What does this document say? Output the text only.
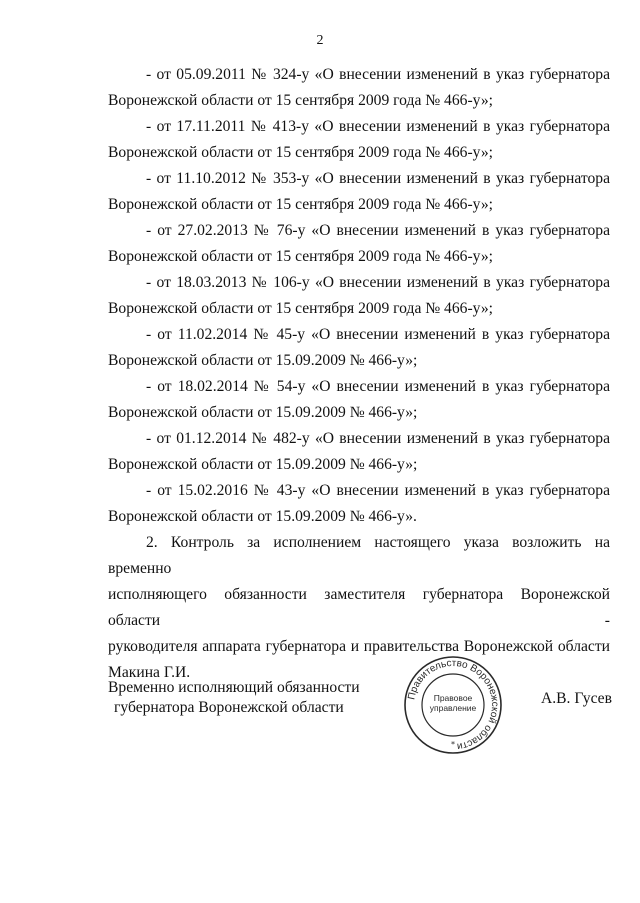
2
- от 05.09.2011 № 324-у «О внесении изменений в указ губернатора
Воронежской области от 15 сентября 2009 года № 466-у»;
- от 17.11.2011 № 413-у «О внесении изменений в указ губернатора
Воронежской области от 15 сентября 2009 года № 466-у»;
- от 11.10.2012 № 353-у «О внесении изменений в указ губернатора
Воронежской области от 15 сентября 2009 года № 466-у»;
- от 27.02.2013 № 76-у «О внесении изменений в указ губернатора
Воронежской области от 15 сентября 2009 года № 466-у»;
- от 18.03.2013 № 106-у «О внесении изменений в указ губернатора
Воронежской области от 15 сентября 2009 года № 466-у»;
- от 11.02.2014 № 45-у «О внесении изменений в указ губернатора
Воронежской области от 15.09.2009 № 466-у»;
- от 18.02.2014 № 54-у «О внесении изменений в указ губернатора
Воронежской области от 15.09.2009 № 466-у»;
- от 01.12.2014 № 482-у «О внесении изменений в указ губернатора
Воронежской области от 15.09.2009 № 466-у»;
- от 15.02.2016 № 43-у «О внесении изменений в указ губернатора
Воронежской области от 15.09.2009 № 466-у».
2. Контроль за исполнением настоящего указа возложить на временно
исполняющего обязанности заместителя губернатора Воронежской области -
руководителя аппарата губернатора и правительства Воронежской области
Макина Г.И.
Временно исполняющий обязанности
губернатора Воронежской области
Правительство Воронежской области
Правовое
управление
*
А.В. Гусев
